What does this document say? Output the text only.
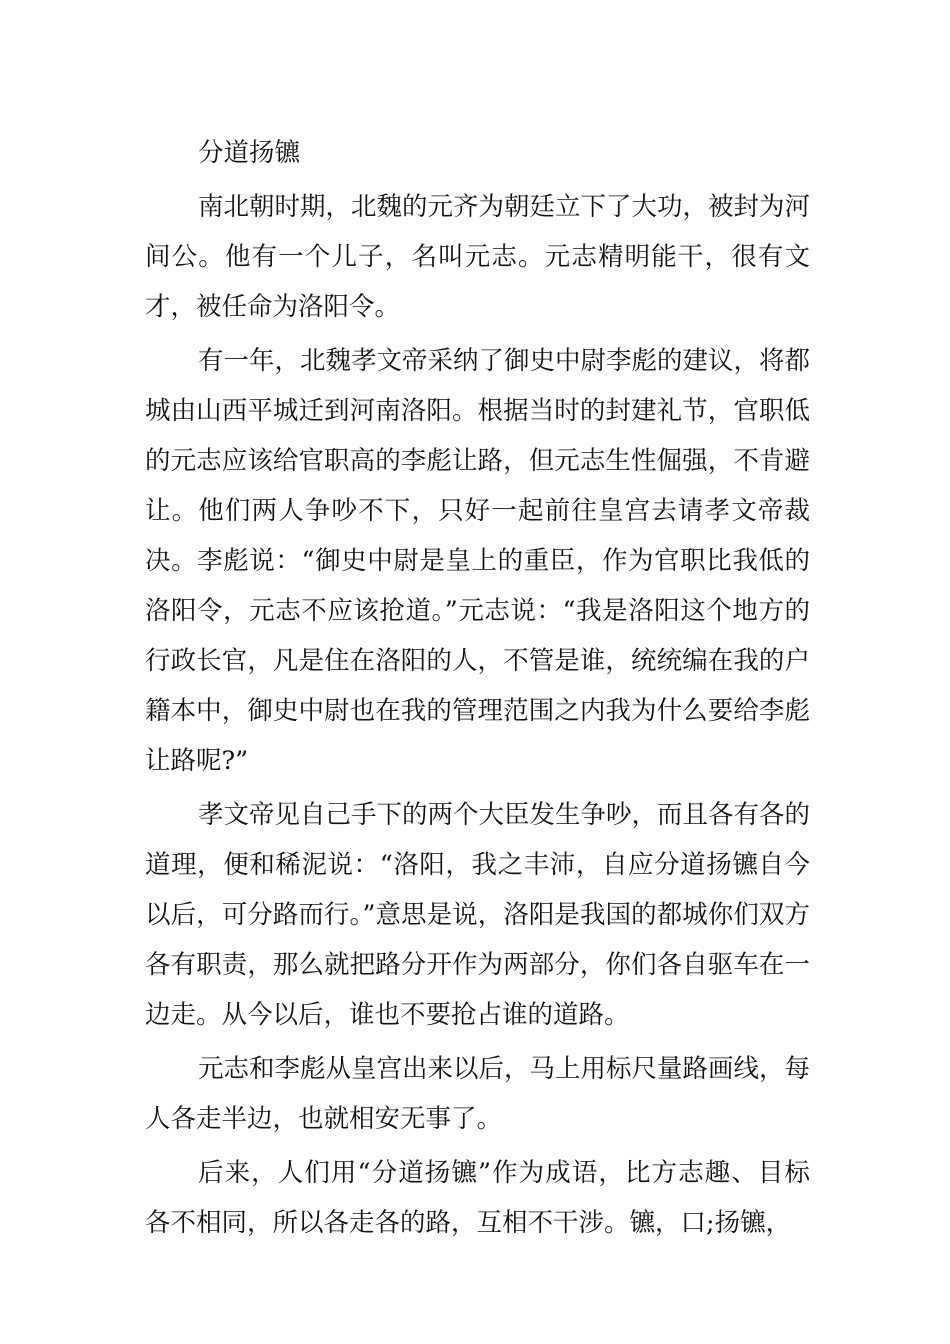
分道扬镳

南北朝时期，北魏的元齐为朝廷立下了大功，被封为河间公。他有一个儿子，名叫元志。元志精明能干，很有文才，被任命为洛阳令。

有一年，北魏孝文帝采纳了御史中尉李彪的建议，将都城由山西平城迁到河南洛阳。根据当时的封建礼节，官职低的元志应该给官职高的李彪让路，但元志生性倔强，不肯避让。他们两人争吵不下，只好一起前往皇宫去请孝文帝裁决。李彪说：“御史中尉是皇上的重臣，作为官职比我低的洛阳令，元志不应该抢道。”元志说：“我是洛阳这个地方的行政长官，凡是住在洛阳的人，不管是谁，统统编在我的户籍本中，御史中尉也在我的管理范围之内我为什么要给李彪让路呢?”

孝文帝见自己手下的两个大臣发生争吵，而且各有各的道理，便和稀泥说：“洛阳，我之丰沛，自应分道扬镳自今以后，可分路而行。”意思是说，洛阳是我国的都城你们双方各有职责，那么就把路分开作为两部分，你们各自驱车在一边走。从今以后，谁也不要抢占谁的道路。

元志和李彪从皇宫出来以后，马上用标尺量路画线，每人各走半边，也就相安无事了。

后来，人们用“分道扬镳”作为成语，比方志趣、目标各不相同，所以各走各的路，互相不干涉。镳，口;扬镳，
